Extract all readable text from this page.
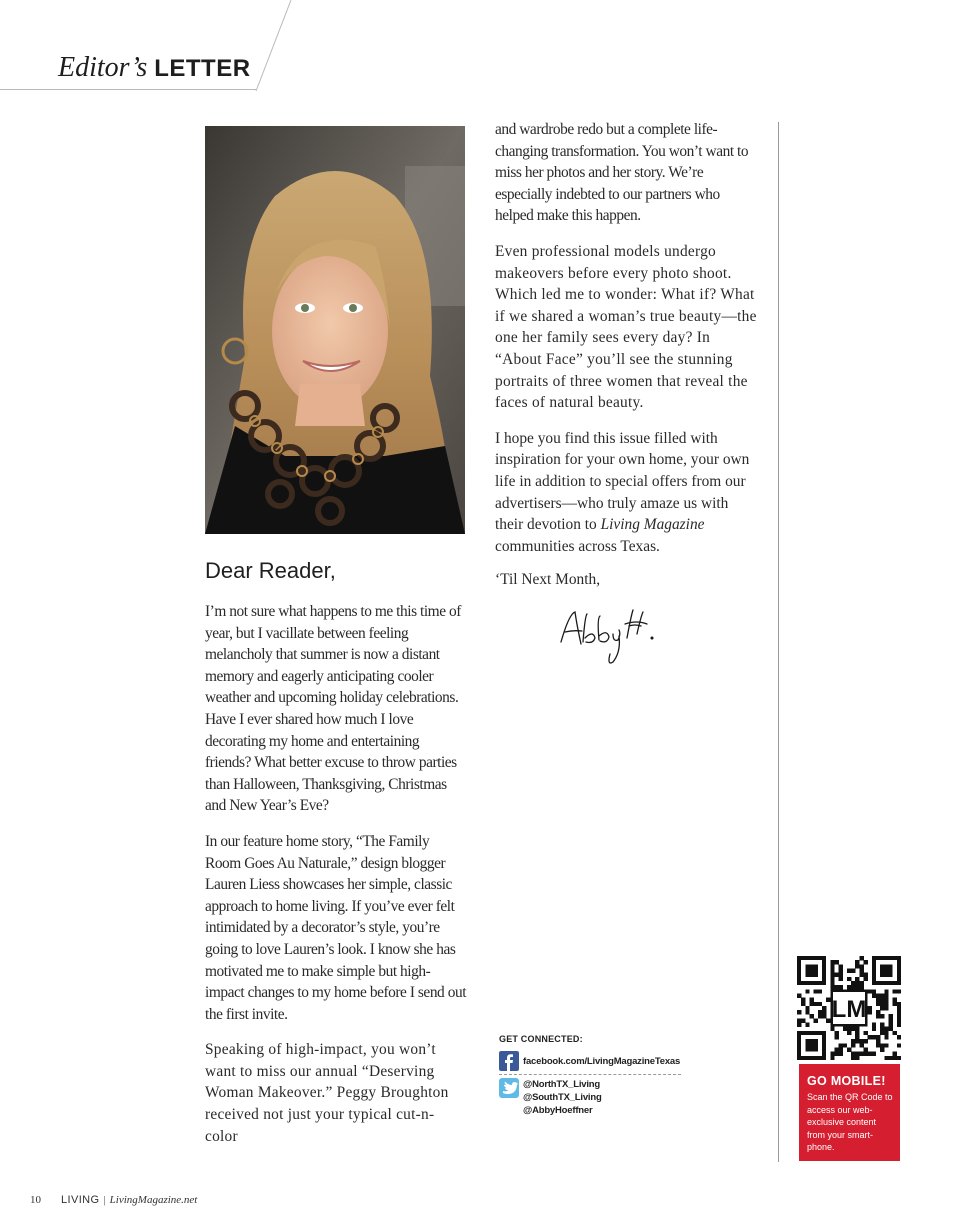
Editor’s LETTER
Dear Reader,

I’m not sure what happens to me this time of year, but I vacillate between feeling melancholy that summer is now a distant memory and eagerly anticipating cooler weather and upcoming holiday celebrations. Have I ever shared how much I love decorating my home and entertaining friends? What better excuse to throw parties than Halloween, Thanksgiving, Christmas and New Year’s Eve?

In our feature home story, “The Family Room Goes Au Naturale,” design blogger Lauren Liess showcases her simple, classic approach to home living. If you’ve ever felt intimidated by a decorator’s style, you’re going to love Lauren’s look. I know she has motivated me to make simple but high-impact changes to my home before I send out the first invite.

Speaking of high-impact, you won’t want to miss our annual “Deserving Woman Makeover.” Peggy Broughton received not just your typical cut-n-color

and wardrobe redo but a complete life-changing transformation. You won’t want to miss her photos and her story. We’re especially indebted to our partners who helped make this happen.

Even professional models undergo makeovers before every photo shoot. Which led me to wonder: What if? What if we shared a woman’s true beauty—the one her family sees every day? In “About Face” you’ll see the stunning portraits of three women that reveal the faces of natural beauty.

I hope you find this issue filled with inspiration for your own home, your own life in addition to special offers from our advertisers—who truly amaze us with their devotion to Living Magazine communities across Texas.

‘Til Next Month,
GET CONNECTED:
facebook.com/LivingMagazineTexas
@NorthTX_Living
@SouthTX_Living
@AbbyHoeffner
LM
GO MOBILE!
Scan the QR Code to access our web-exclusive content from your smart-phone.
10 LIVING | LivingMagazine.net
